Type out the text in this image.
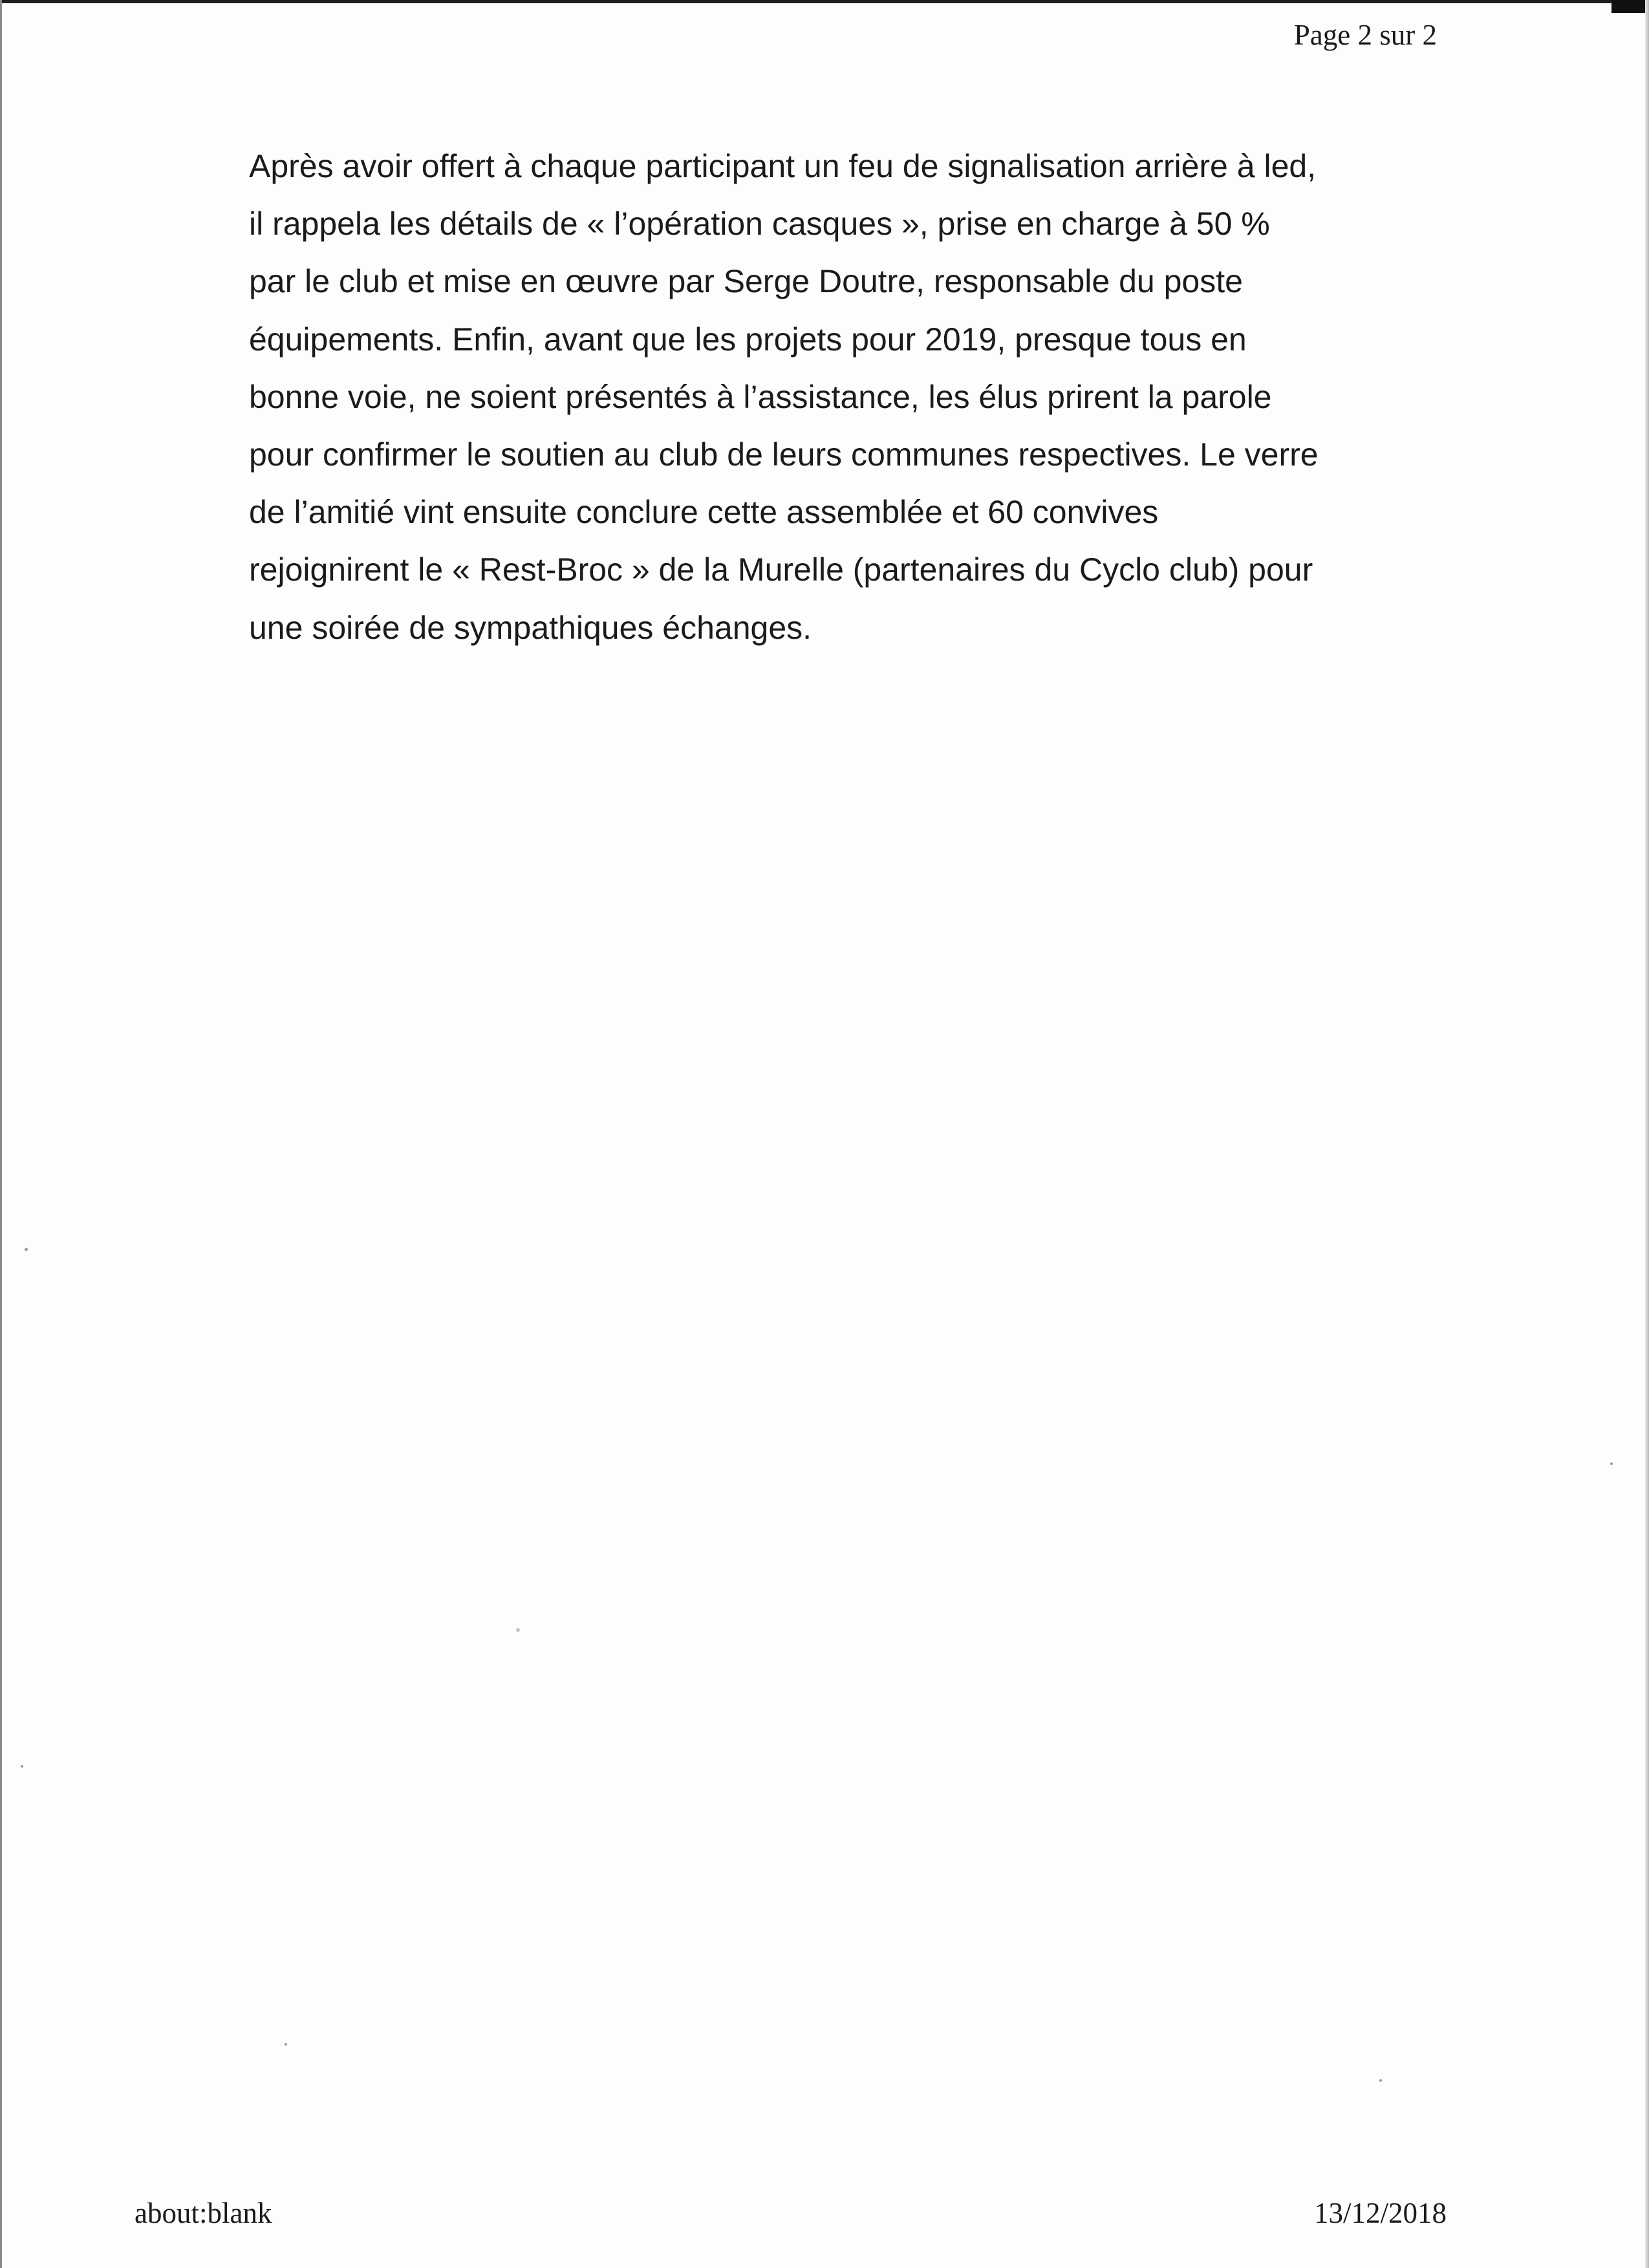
Page 2 sur 2
Après avoir offert à chaque participant un feu de signalisation arrière à led,
il rappela les détails de « l’opération casques », prise en charge à 50 %
par le club et mise en œuvre par Serge Doutre, responsable du poste
équipements. Enfin, avant que les projets pour 2019, presque tous en
bonne voie, ne soient présentés à l’assistance, les élus prirent la parole
pour confirmer le soutien au club de leurs communes respectives. Le verre
de l’amitié vint ensuite conclure cette assemblée et 60 convives
rejoignirent le « Rest-Broc » de la Murelle (partenaires du Cyclo club) pour
une soirée de sympathiques échanges.
about:blank	13/12/2018
